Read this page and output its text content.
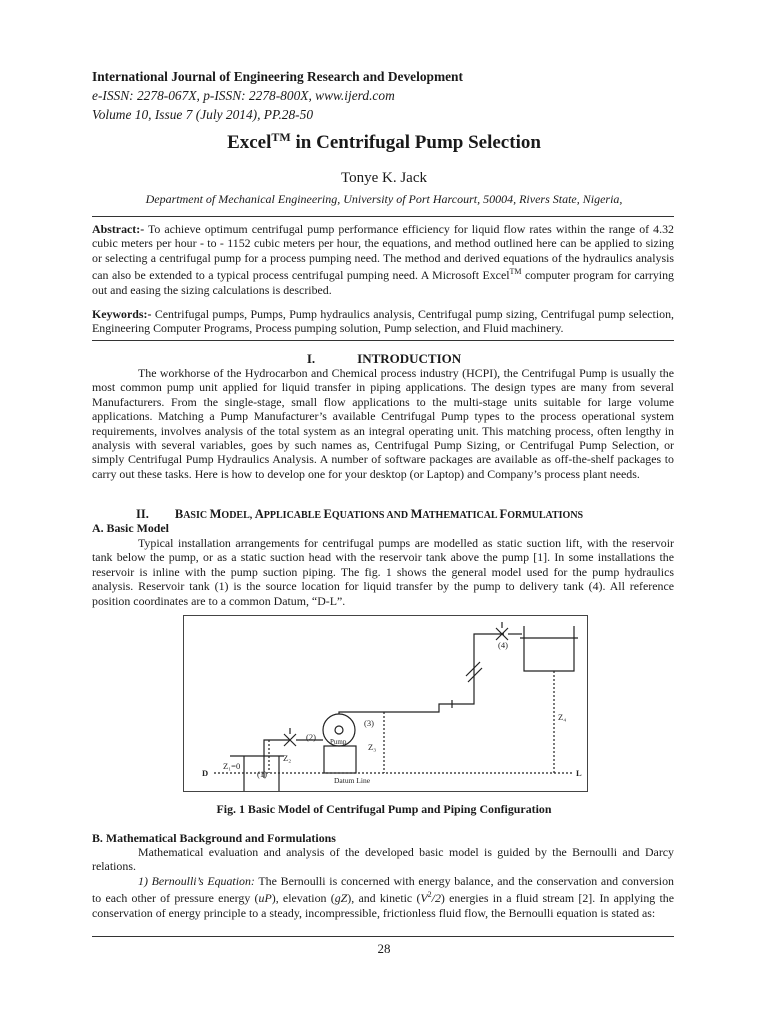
International Journal of Engineering Research and Development
e-ISSN: 2278-067X, p-ISSN: 2278-800X, www.ijerd.com
Volume 10, Issue 7 (July 2014), PP.28-50
Excel™ in Centrifugal Pump Selection
Tonye K. Jack
Department of Mechanical Engineering, University of Port Harcourt, 50004, Rivers State, Nigeria,
Abstract:- To achieve optimum centrifugal pump performance efficiency for liquid flow rates within the range of 4.32 cubic meters per hour - to - 1152 cubic meters per hour, the equations, and method outlined here can be applied to sizing or selecting a centrifugal pump for a process pumping need. The method and derived equations of the hydraulics analysis can also be extended to a typical process centrifugal pumping need. A Microsoft Excel™ computer program for carrying out and easing the sizing calculations is described.
Keywords:- Centrifugal pumps, Pumps, Pump hydraulics analysis, Centrifugal pump sizing, Centrifugal pump selection, Engineering Computer Programs, Process pumping solution, Pump selection, and Fluid machinery.
I.	INTRODUCTION
The workhorse of the Hydrocarbon and Chemical process industry (HCPI), the Centrifugal Pump is usually the most common pump unit applied for liquid transfer in piping applications. The design types are many from several Manufacturers. From the single-stage, small flow applications to the multi-stage units suitable for large volume applications. Matching a Pump Manufacturer’s available Centrifugal Pump types to the process operational system requirements, involves analysis of the total system as an integral operating unit. This matching process, often lengthy in analysis with several variables, goes by such names as, Centrifugal Pump Sizing, or Centrifugal Pump Selection, or simply Centrifugal Pump Hydraulics Analysis. A number of software packages are available as off-the-shelf packages to carry out these tasks. Here is how to develop one for your desktop (or Laptop) and Company’s process plant needs.
II. BASIC MODEL, APPLICABLE EQUATIONS AND MATHEMATICAL FORMULATIONS
A. Basic Model
Typical installation arrangements for centrifugal pumps are modelled as static suction lift, with the reservoir tank below the pump, or as a static suction head with the reservoir tank above the pump [1]. In some installations the reservoir is inline with the pump suction piping. The fig. 1 shows the general model used for the pump hydraulics analysis. Reservoir tank (1) is the source location for liquid transfer by the pump to delivery tank (4). All reference position coordinates are to a common Datum, “D-L”.
D	L
Z₁=0
(1)
Z₂
(2) Pump
(3)
Z₃
Datum Line
(4)
Z₄
Fig. 1 Basic Model of Centrifugal Pump and Piping Configuration
B. Mathematical Background and Formulations
Mathematical evaluation and analysis of the developed basic model is guided by the Bernoulli and Darcy relations.
1) Bernoulli’s Equation: The Bernoulli is concerned with energy balance, and the conservation and conversion to each other of pressure energy (uP), elevation (gZ), and kinetic $(V^2/2)$ energies in a fluid stream [2]. In applying the conservation of energy principle to a steady, incompressible, frictionless fluid flow, the Bernoulli equation is stated as:
28
